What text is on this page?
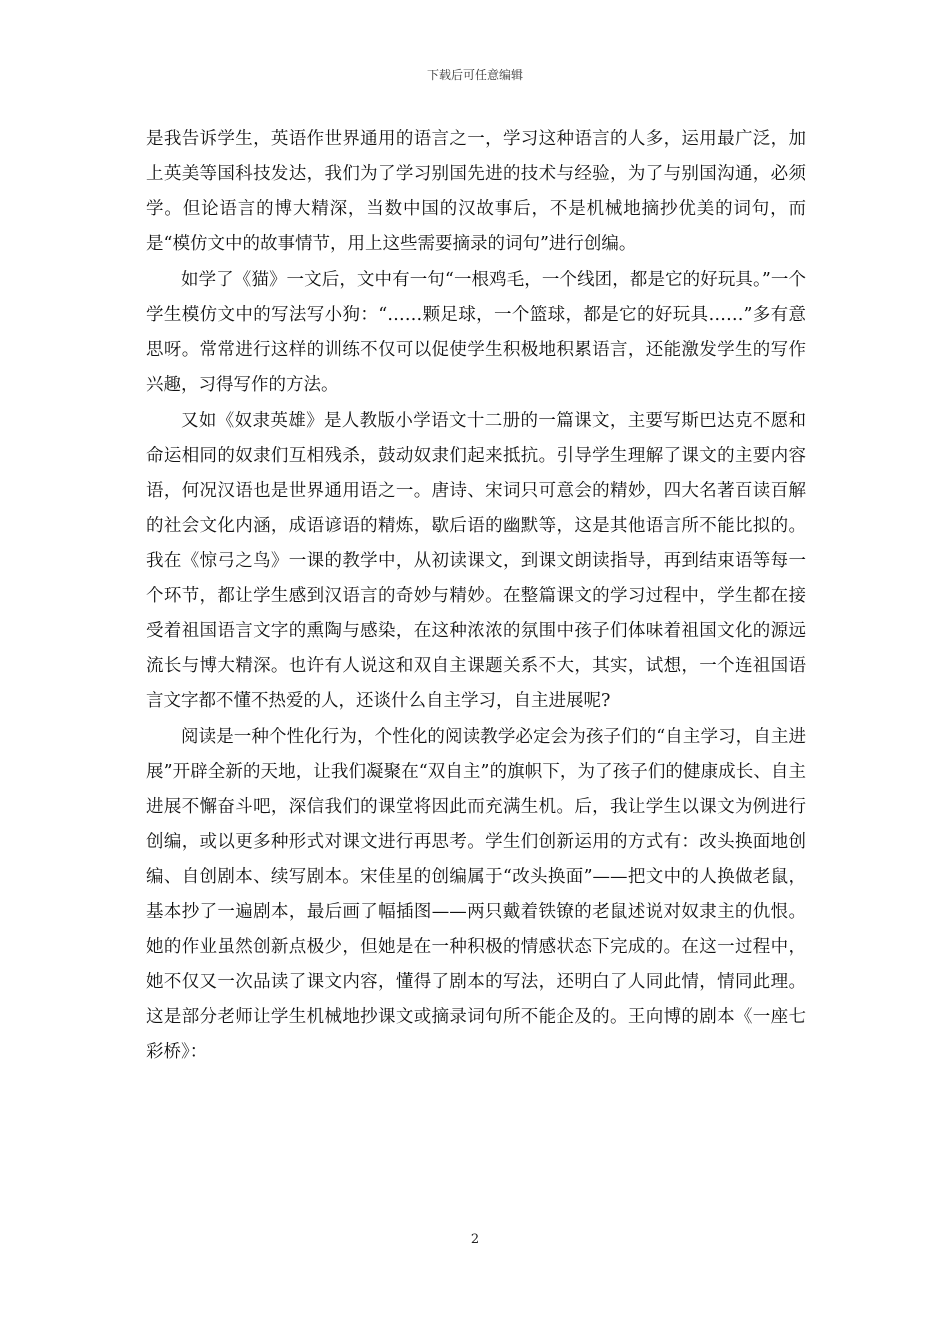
下载后可任意编辑

是我告诉学生，英语作世界通用的语言之一，学习这种语言的人多，运用最广泛，加上英美等国科技发达，我们为了学习别国先进的技术与经验，为了与别国沟通，必须学。但论语言的博大精深，当数中国的汉故事后，不是机械地摘抄优美的词句，而是“模仿文中的故事情节，用上这些需要摘录的词句”进行创编。

如学了《猫》一文后，文中有一句“一根鸡毛，一个线团，都是它的好玩具。”一个学生模仿文中的写法写小狗：“……颗足球，一个篮球，都是它的好玩具……”多有意思呀。常常进行这样的训练不仅可以促使学生积极地积累语言，还能激发学生的写作兴趣，习得写作的方法。

又如《奴隶英雄》是人教版小学语文十二册的一篇课文，主要写斯巴达克不愿和命运相同的奴隶们互相残杀，鼓动奴隶们起来抵抗。引导学生理解了课文的主要内容语，何况汉语也是世界通用语之一。唐诗、宋词只可意会的精妙，四大名著百读百解的社会文化内涵，成语谚语的精炼，歇后语的幽默等，这是其他语言所不能比拟的。我在《惊弓之鸟》一课的教学中，从初读课文，到课文朗读指导，再到结束语等每一个环节，都让学生感到汉语言的奇妙与精妙。在整篇课文的学习过程中，学生都在接受着祖国语言文字的熏陶与感染，在这种浓浓的氛围中孩子们体味着祖国文化的源远流长与博大精深。也许有人说这和双自主课题关系不大，其实，试想，一个连祖国语言文字都不懂不热爱的人，还谈什么自主学习，自主进展呢?

阅读是一种个性化行为，个性化的阅读教学必定会为孩子们的“自主学习，自主进展”开辟全新的天地，让我们凝聚在“双自主”的旗帜下，为了孩子们的健康成长、自主进展不懈奋斗吧，深信我们的课堂将因此而充满生机。后，我让学生以课文为例进行创编，或以更多种形式对课文进行再思考。学生们创新运用的方式有：改头换面地创编、自创剧本、续写剧本。宋佳星的创编属于“改头换面”——把文中的人换做老鼠，基本抄了一遍剧本，最后画了幅插图——两只戴着铁镣的老鼠述说对奴隶主的仇恨。她的作业虽然创新点极少，但她是在一种积极的情感状态下完成的。在这一过程中，她不仅又一次品读了课文内容，懂得了剧本的写法，还明白了人同此情，情同此理。这是部分老师让学生机械地抄课文或摘录词句所不能企及的。王向博的剧本《一座七彩桥》：

2
